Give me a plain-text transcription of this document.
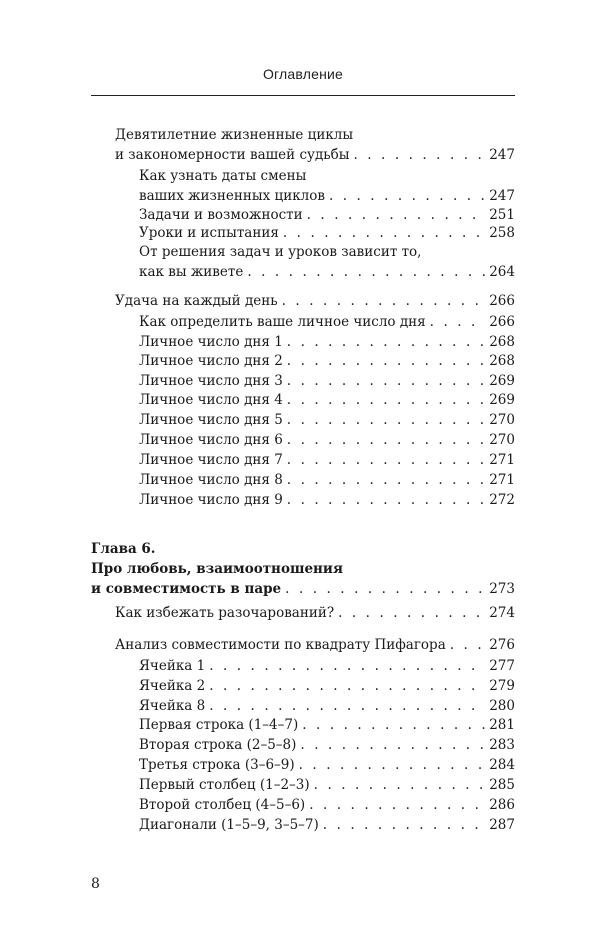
Оглавление
Девятилетние жизненные циклы
и закономерности вашей судьбы . . .	247
Как узнать даты смены
ваших жизненных циклов . . .	247
Задачи и возможности . . .	251
Уроки и испытания . . .	258
От решения задач и уроков зависит то,
как вы живете . . .	264
Удача на каждый день . . .	266
Как определить ваше личное число дня . . .	266
Личное число дня 1 . . .	268
Личное число дня 2 . . .	268
Личное число дня 3 . . .	269
Личное число дня 4 . . .	269
Личное число дня 5 . . .	270
Личное число дня 6 . . .	270
Личное число дня 7 . . .	271
Личное число дня 8 . . .	271
Личное число дня 9 . . .	272
Глава 6.
Про любовь, взаимоотношения
и совместимость в паре . . .	273
Как избежать разочарований? . . .	274
Анализ совместимости по квадрату Пифагора . . .	276
Ячейка 1 . . .	277
Ячейка 2 . . .	279
Ячейка 8 . . .	280
Первая строка (1–4–7) . . .	281
Вторая строка (2–5–8) . . .	283
Третья строка (3–6–9) . . .	284
Первый столбец (1–2–3) . . .	285
Второй столбец (4–5–6) . . .	286
Диагонали (1–5–9, 3–5–7) . . .	287
8
